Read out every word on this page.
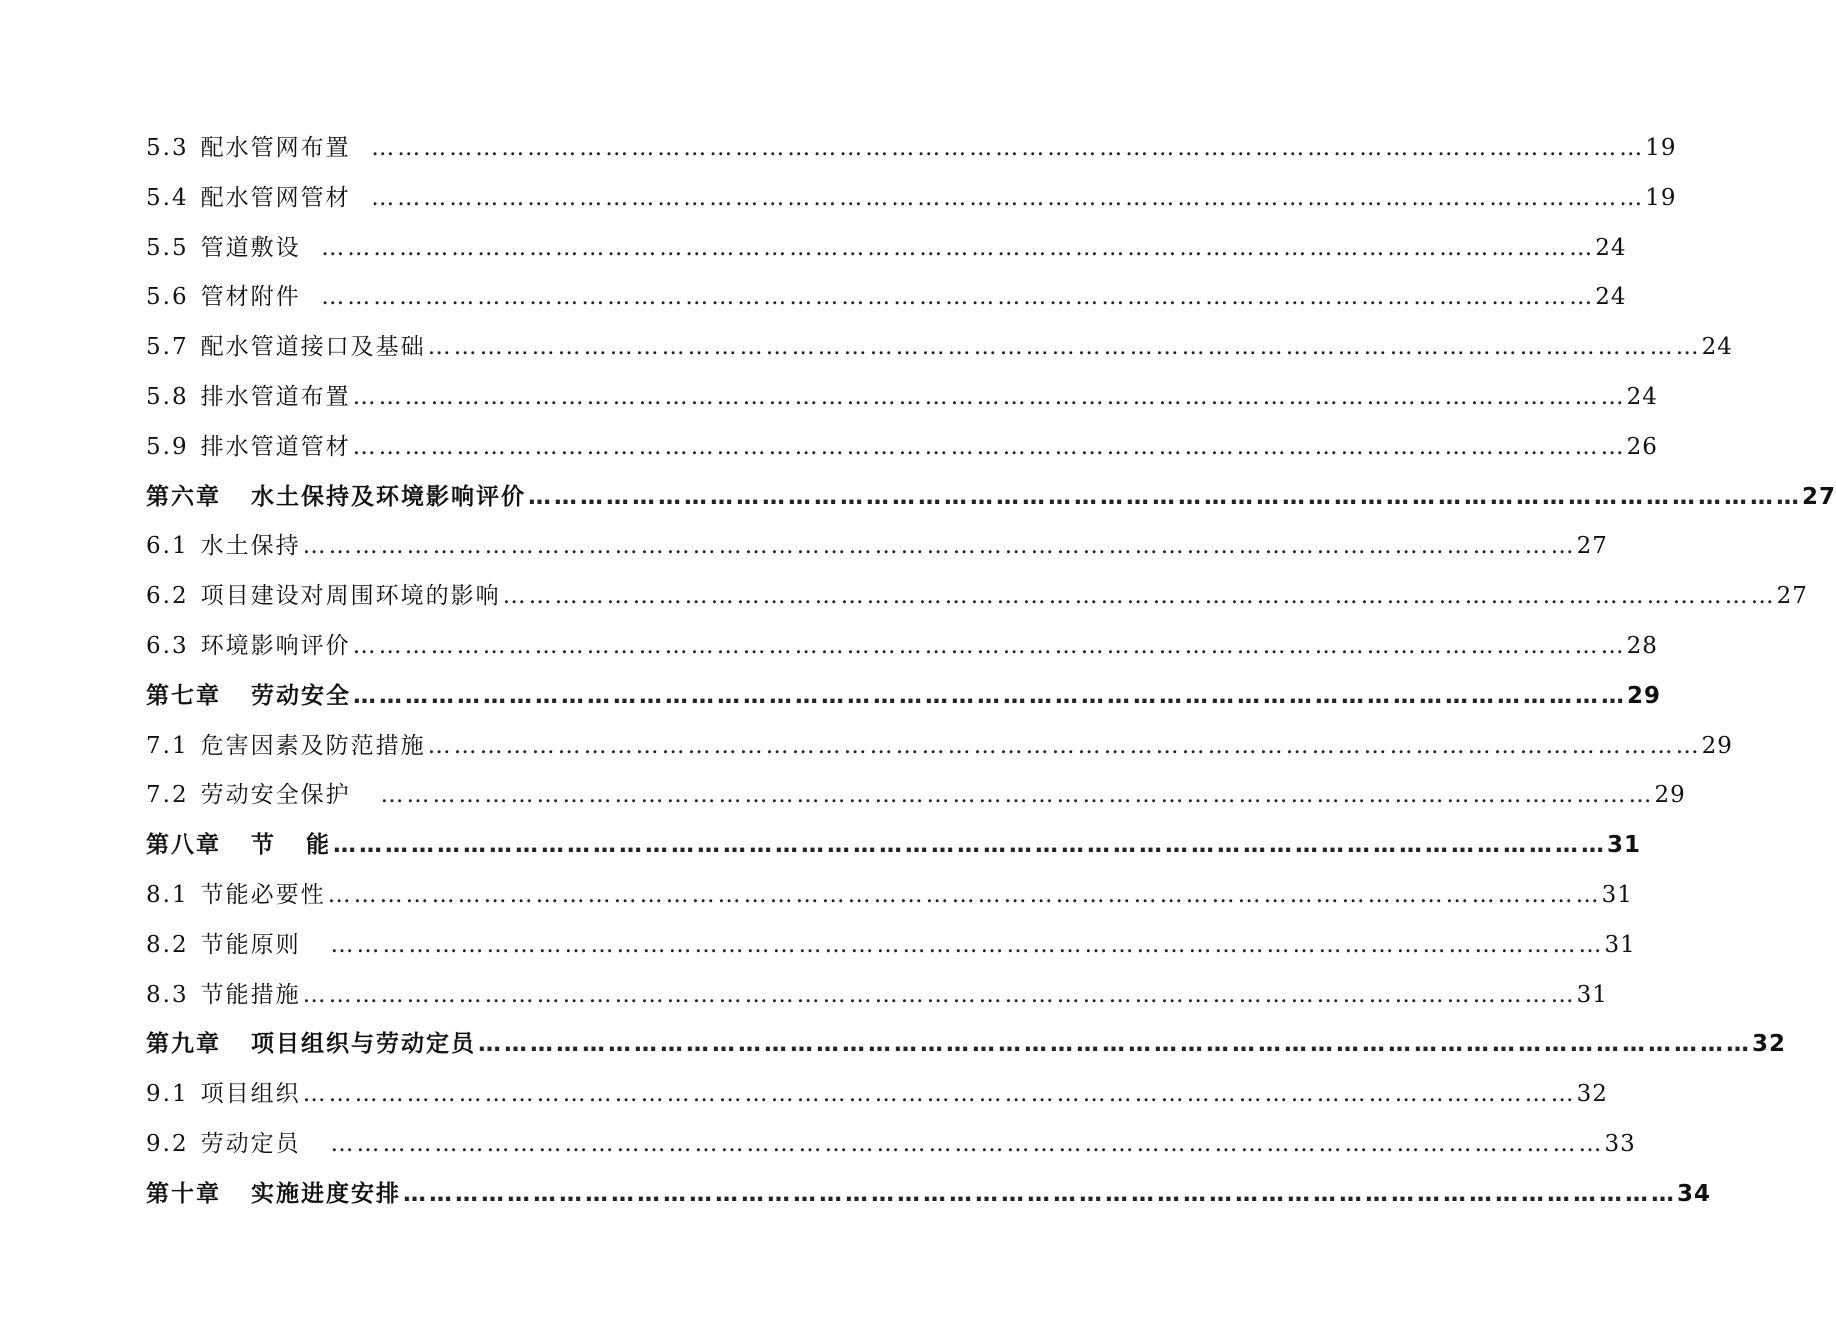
5.3 配水管网布置
………………………………………………………………………………………………………………………………… 19
5.4 配水管网管材
………………………………………………………………………………………………………………………………… 19
5.5 管道敷设
………………………………………………………………………………………………………………………………… 24
5.6 管材附件
………………………………………………………………………………………………………………………………… 24
5.7 配水管道接口及基础 ………………………………………………………………………………………………………………………………… 24
5.8 排水管道布置 ………………………………………………………………………………………………………………………………… 24
5.9 排水管道管材 ………………………………………………………………………………………………………………………………… 26
第六章 水土保持及环境影响评价 ………………………………………………………………………………………………………………………………… 27
6.1 水土保持 ………………………………………………………………………………………………………………………………… 27
6.2 项目建设对周围环境的影响 ………………………………………………………………………………………………………………………………… 27
6.3 环境影响评价 ………………………………………………………………………………………………………………………………… 28
第七章 劳动安全 ………………………………………………………………………………………………………………………………… 29
7.1 危害因素及防范措施 ………………………………………………………………………………………………………………………………… 29
7.2 劳动安全保护
………………………………………………………………………………………………………………………………… 29
第八章 节   能 ………………………………………………………………………………………………………………………………… 31
8.1 节能必要性 ………………………………………………………………………………………………………………………………… 31
8.2 节能原则
………………………………………………………………………………………………………………………………… 31
8.3 节能措施 ………………………………………………………………………………………………………………………………… 31
第九章 项目组织与劳动定员 ………………………………………………………………………………………………………………………………… 32
9.1 项目组织 ………………………………………………………………………………………………………………………………… 32
9.2 劳动定员
………………………………………………………………………………………………………………………………… 33
第十章 实施进度安排 ………………………………………………………………………………………………………………………………… 34
